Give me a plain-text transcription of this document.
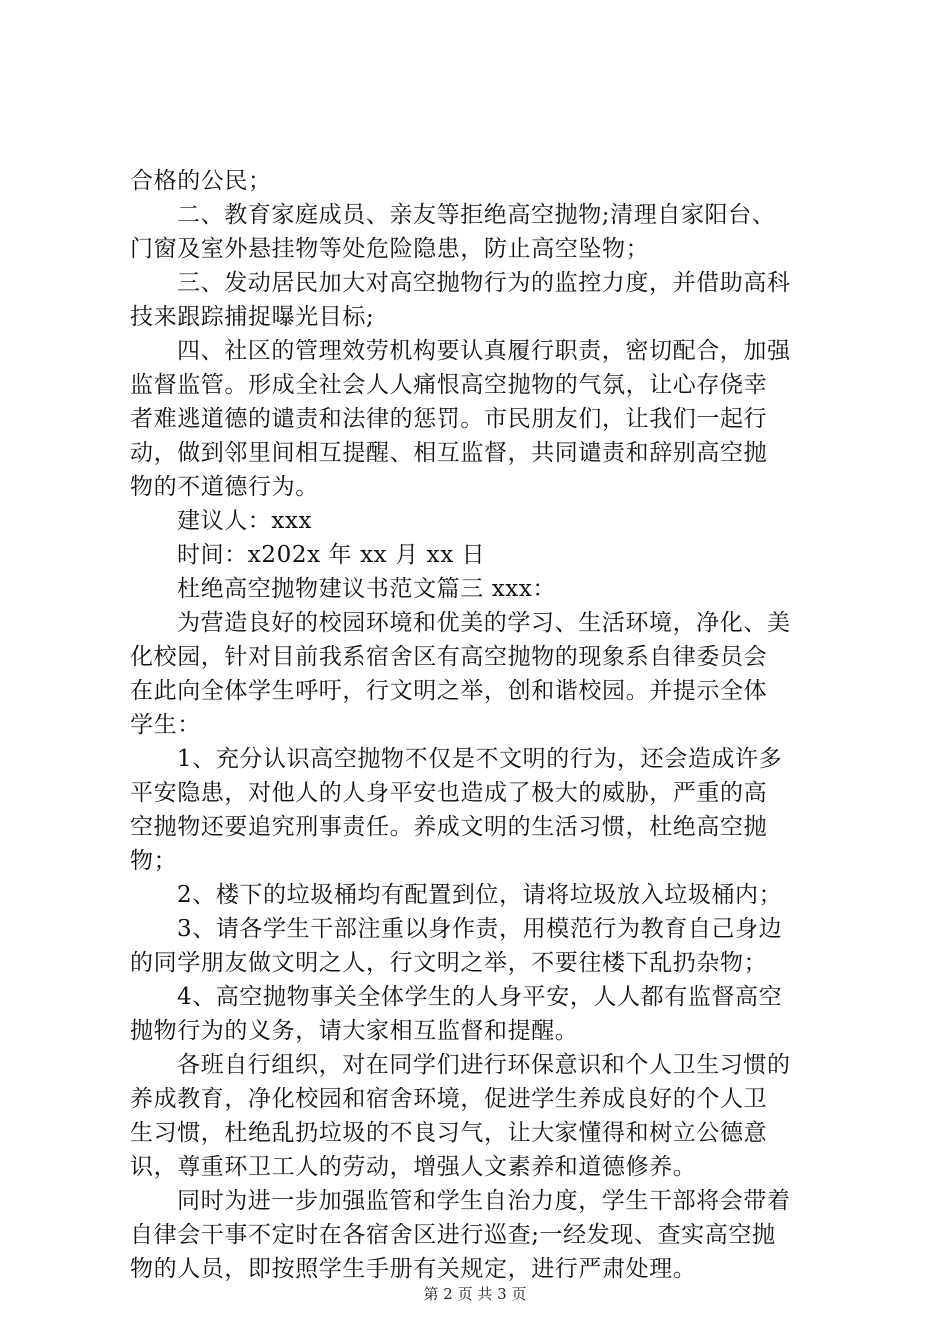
合格的公民；
二、教育家庭成员、亲友等拒绝高空抛物;清理自家阳台、
门窗及室外悬挂物等处危险隐患，防止高空坠物；
三、发动居民加大对高空抛物行为的监控力度，并借助高科
技来跟踪捕捉曝光目标;
四、社区的管理效劳机构要认真履行职责，密切配合，加强
监督监管。形成全社会人人痛恨高空抛物的气氛，让心存侥幸
者难逃道德的谴责和法律的惩罚。市民朋友们，让我们一起行
动，做到邻里间相互提醒、相互监督，共同谴责和辞别高空抛
物的不道德行为。
建议人：xxx
时间：x202x 年 xx 月 xx 日
杜绝高空抛物建议书范文篇三 xxx：
为营造良好的校园环境和优美的学习、生活环境，净化、美
化校园，针对目前我系宿舍区有高空抛物的现象系自律委员会
在此向全体学生呼吁，行文明之举，创和谐校园。并提示全体
学生：
1、充分认识高空抛物不仅是不文明的行为，还会造成许多
平安隐患，对他人的人身平安也造成了极大的威胁，严重的高
空抛物还要追究刑事责任。养成文明的生活习惯，杜绝高空抛
物；
2、楼下的垃圾桶均有配置到位，请将垃圾放入垃圾桶内；
3、请各学生干部注重以身作责，用模范行为教育自己身边
的同学朋友做文明之人，行文明之举，不要往楼下乱扔杂物；
4、高空抛物事关全体学生的人身平安，人人都有监督高空
抛物行为的义务，请大家相互监督和提醒。
各班自行组织，对在同学们进行环保意识和个人卫生习惯的
养成教育，净化校园和宿舍环境，促进学生养成良好的个人卫
生习惯，杜绝乱扔垃圾的不良习气，让大家懂得和树立公德意
识，尊重环卫工人的劳动，增强人文素养和道德修养。
同时为进一步加强监管和学生自治力度，学生干部将会带着
自律会干事不定时在各宿舍区进行巡查;一经发现、查实高空抛
物的人员，即按照学生手册有关规定，进行严肃处理。
第 2 页 共 3 页
